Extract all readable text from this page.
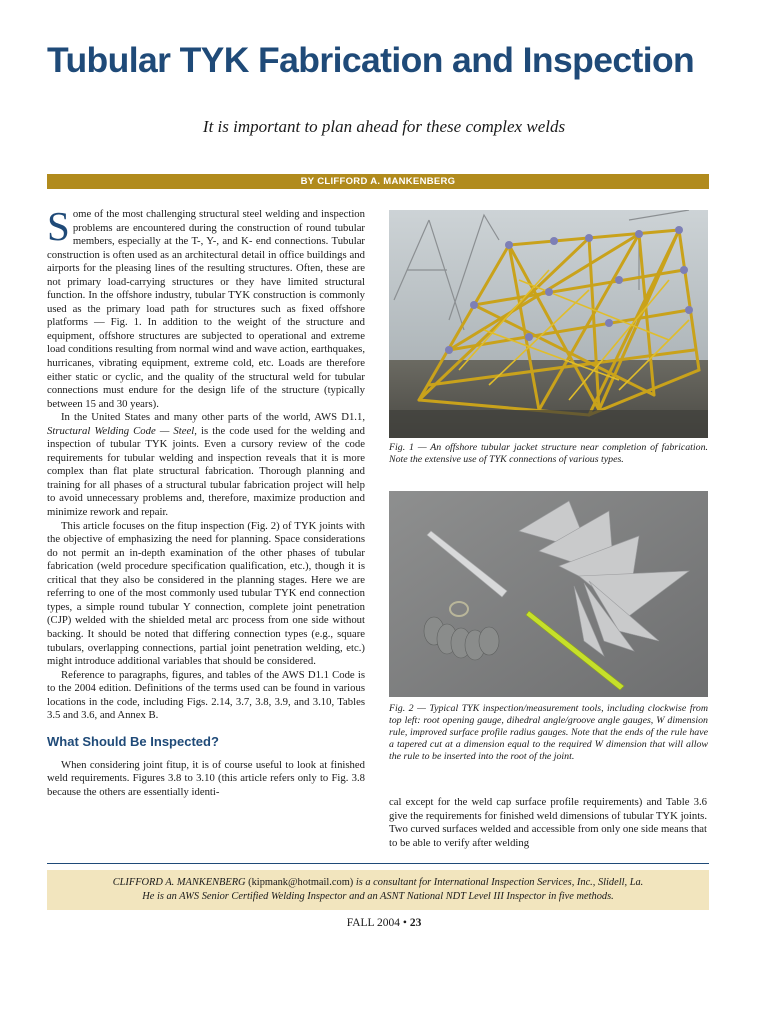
Tubular TYK Fabrication and Inspection
It is important to plan ahead for these complex welds
BY CLIFFORD A. MANKENBERG

Some of the most challenging structural steel welding and inspection problems are encountered during the construction of round tubular members, especially at the T-, Y-, and K- end connections. Tubular construction is often used as an architectural detail in office buildings and airports for the pleasing lines of the resulting structures. Often, these are not primary load-carrying structures or they have limited structural function. In the offshore industry, tubular TYK construction is commonly used as the primary load path for structures such as fixed offshore platforms — Fig. 1. In addition to the weight of the structure and equipment, offshore structures are subjected to operational and extreme load conditions resulting from normal wind and wave action, earthquakes, hurricanes, vibrating equipment, extreme cold, etc. Loads are therefore either static or cyclic, and the quality of the structural weld for tubular connections must endure for the design life of the structure (typically between 15 and 30 years).

In the United States and many other parts of the world, AWS D1.1, Structural Welding Code — Steel, is the code used for the welding and inspection of tubular TYK joints. Even a cursory review of the code requirements for tubular welding and inspection reveals that it is more complex than flat plate structural fabrication. Thorough planning and training for all phases of a structural tubular fabrication project will help to avoid unnecessary problems and, therefore, maximize production and minimize rework and repair.

This article focuses on the fitup inspection (Fig. 2) of TYK joints with the objective of emphasizing the need for planning. Space considerations do not permit an in-depth examination of the other phases of tubular fabrication (weld procedure specification qualification, etc.), though it is critical that they also be considered in the planning stages. Here we are referring to one of the most commonly used tubular TYK end connection types, a simple round tubular Y connection, complete joint penetration (CJP) welded with the shielded metal arc process from one side without backing. It should be noted that differing connection types (e.g., square tubulars, overlapping connections, partial joint penetration welding, etc.) might introduce additional variables that should be considered.

Reference to paragraphs, figures, and tables of the AWS D1.1 Code is to the 2004 edition. Definitions of the terms used can be found in various locations in the code, including Figs. 2.14, 3.7, 3.8, 3.9, and 3.10, Tables 3.5 and 3.6, and Annex B.

What Should Be Inspected?

When considering joint fitup, it is of course useful to look at finished weld requirements. Figures 3.8 to 3.10 (this article refers only to Fig. 3.8 because the others are essentially identi-

Fig. 1 — An offshore tubular jacket structure near completion of fabrication. Note the extensive use of TYK connections of various types.

Fig. 2 — Typical TYK inspection/measurement tools, including clockwise from top left: root opening gauge, dihedral angle/groove angle gauges, W dimension rule, improved surface profile radius gauges. Note that the ends of the rule have a tapered cut at a dimension equal to the required W dimension that will allow the rule to be inserted into the root of the joint.

cal except for the weld cap surface profile requirements) and Table 3.6 give the requirements for finished weld dimensions of tubular TYK joints. Two curved surfaces welded and accessible from only one side means that to be able to verify after welding

CLIFFORD A. MANKENBERG (kipmank@hotmail.com) is a consultant for International Inspection Services, Inc., Slidell, La.
He is an AWS Senior Certified Welding Inspector and an ASNT National NDT Level III Inspector in five methods.
FALL 2004 • 23
